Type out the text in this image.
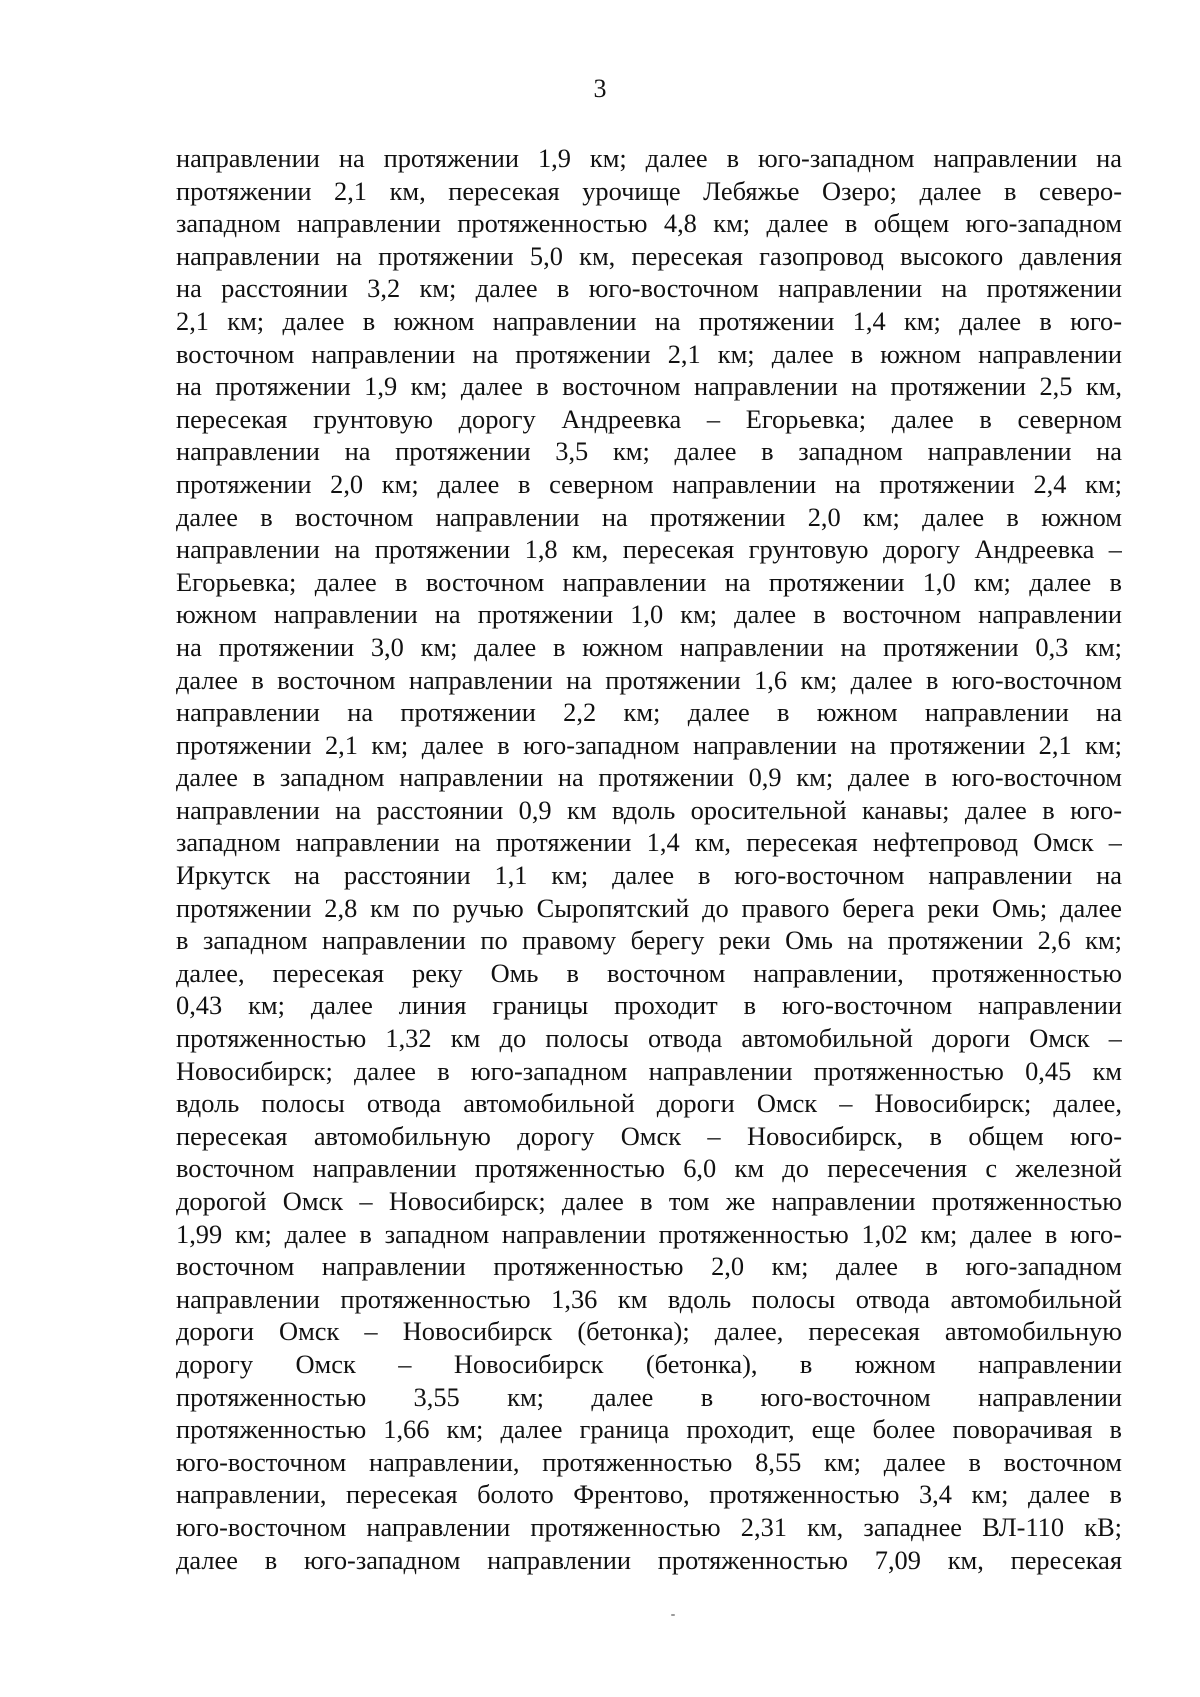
3
направлении на протяжении 1,9 км; далее в юго-западном направлении на
протяжении 2,1 км, пересекая урочище Лебяжье Озеро; далее в северо-
западном направлении протяженностью 4,8 км; далее в общем юго-западном
направлении на протяжении 5,0 км, пересекая газопровод высокого давления
на расстоянии 3,2 км; далее в юго-восточном направлении на протяжении
2,1 км; далее в южном направлении на протяжении 1,4 км; далее в юго-
восточном направлении на протяжении 2,1 км; далее в южном направлении
на протяжении 1,9 км; далее в восточном направлении на протяжении 2,5 км,
пересекая грунтовую дорогу Андреевка – Егорьевка; далее в северном
направлении на протяжении 3,5 км; далее в западном направлении на
протяжении 2,0 км; далее в северном направлении на протяжении 2,4 км;
далее в восточном направлении на протяжении 2,0 км; далее в южном
направлении на протяжении 1,8 км, пересекая грунтовую дорогу Андреевка –
Егорьевка; далее в восточном направлении на протяжении 1,0 км; далее в
южном направлении на протяжении 1,0 км; далее в восточном направлении
на протяжении 3,0 км; далее в южном направлении на протяжении 0,3 км;
далее в восточном направлении на протяжении 1,6 км; далее в юго-восточном
направлении на протяжении 2,2 км; далее в южном направлении на
протяжении 2,1 км; далее в юго-западном направлении на протяжении 2,1 км;
далее в западном направлении на протяжении 0,9 км; далее в юго-восточном
направлении на расстоянии 0,9 км вдоль оросительной канавы; далее в юго-
западном направлении на протяжении 1,4 км, пересекая нефтепровод Омск –
Иркутск на расстоянии 1,1 км; далее в юго-восточном направлении на
протяжении 2,8 км по ручью Сыропятский до правого берега реки Омь; далее
в западном направлении по правому берегу реки Омь на протяжении 2,6 км;
далее, пересекая реку Омь в восточном направлении, протяженностью
0,43 км; далее линия границы проходит в юго-восточном направлении
протяженностью 1,32 км до полосы отвода автомобильной дороги Омск –
Новосибирск; далее в юго-западном направлении протяженностью 0,45 км
вдоль полосы отвода автомобильной дороги Омск – Новосибирск; далее,
пересекая автомобильную дорогу Омск – Новосибирск, в общем юго-
восточном направлении протяженностью 6,0 км до пересечения с железной
дорогой Омск – Новосибирск; далее в том же направлении протяженностью
1,99 км; далее в западном направлении протяженностью 1,02 км; далее в юго-
восточном направлении протяженностью 2,0 км; далее в юго-западном
направлении протяженностью 1,36 км вдоль полосы отвода автомобильной
дороги Омск – Новосибирск (бетонка); далее, пересекая автомобильную
дорогу Омск – Новосибирск (бетонка), в южном направлении
протяженностью 3,55 км; далее в юго-восточном направлении
протяженностью 1,66 км; далее граница проходит, еще более поворачивая в
юго-восточном направлении, протяженностью 8,55 км; далее в восточном
направлении, пересекая болото Френтово, протяженностью 3,4 км; далее в
юго-восточном направлении протяженностью 2,31 км, западнее ВЛ-110 кВ;
далее в юго-западном направлении протяженностью 7,09 км, пересекая
